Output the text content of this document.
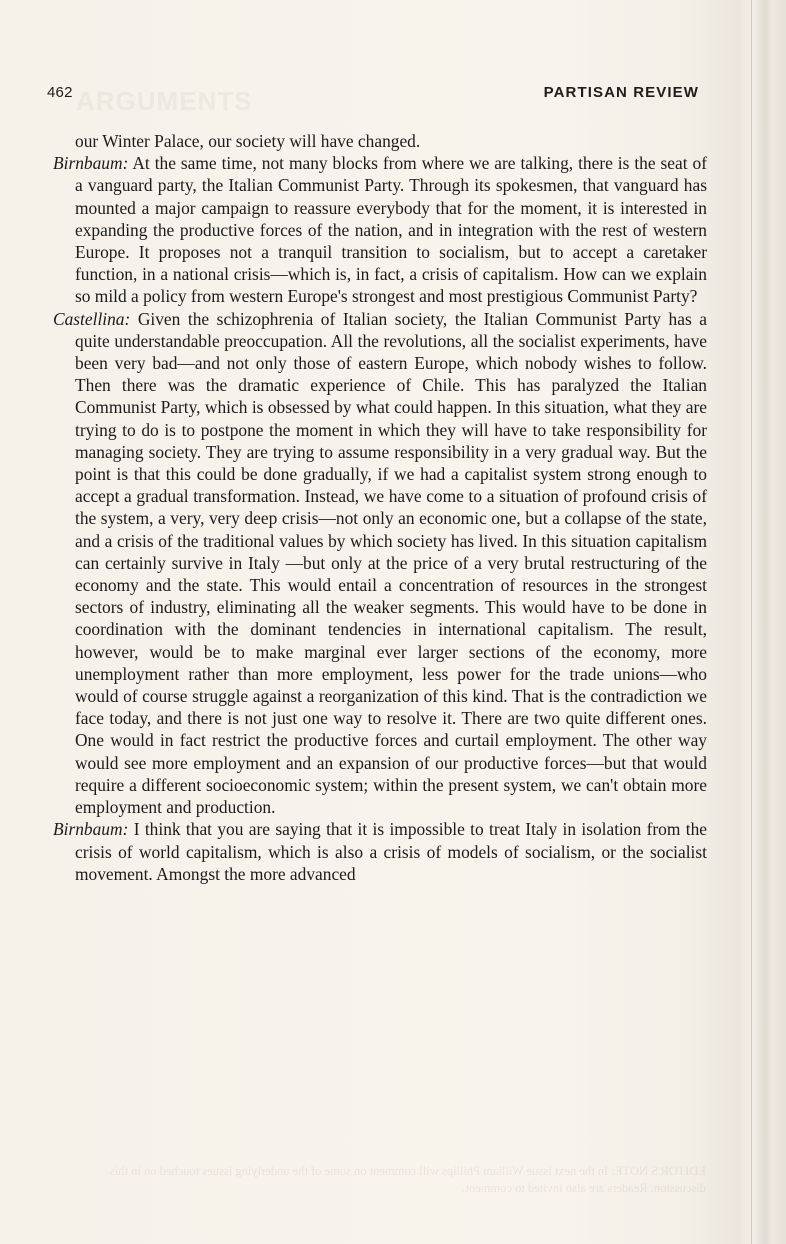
ARGUMENTS
462	PARTISAN REVIEW

our Winter Palace, our society will have changed.

Birnbaum: At the same time, not many blocks from where we are talking, there is the seat of a vanguard party, the Italian Communist Party. Through its spokesmen, that vanguard has mounted a major campaign to reassure everybody that for the moment, it is interested in expanding the productive forces of the nation, and in integration with the rest of western Europe. It proposes not a tranquil transition to socialism, but to accept a caretaker function, in a national crisis—which is, in fact, a crisis of capitalism. How can we explain so mild a policy from western Europe's strongest and most prestigious Communist Party?

Castellina: Given the schizophrenia of Italian society, the Italian Communist Party has a quite understandable preoccupation. All the revolutions, all the socialist experiments, have been very bad—and not only those of eastern Europe, which nobody wishes to follow. Then there was the dramatic experience of Chile. This has paralyzed the Italian Communist Party, which is obsessed by what could happen. In this situation, what they are trying to do is to postpone the moment in which they will have to take responsibility for managing society. They are trying to assume responsibility in a very gradual way. But the point is that this could be done gradually, if we had a capitalist system strong enough to accept a gradual transformation. Instead, we have come to a situation of profound crisis of the system, a very, very deep crisis—not only an economic one, but a collapse of the state, and a crisis of the traditional values by which society has lived. In this situation capitalism can certainly survive in Italy —but only at the price of a very brutal restructuring of the economy and the state. This would entail a concentration of resources in the strongest sectors of industry, eliminating all the weaker segments. This would have to be done in coordination with the dominant tendencies in international capitalism. The result, however, would be to make marginal ever larger sections of the economy, more unemployment rather than more employment, less power for the trade unions—who would of course struggle against a reorganization of this kind. That is the contradiction we face today, and there is not just one way to resolve it. There are two quite different ones. One would in fact restrict the productive forces and curtail employment. The other way would see more employment and an expansion of our productive forces—but that would require a different socioeconomic system; within the present system, we can't obtain more employment and production.

Birnbaum: I think that you are saying that it is impossible to treat Italy in isolation from the crisis of world capitalism, which is also a crisis of models of socialism, or the socialist movement. Amongst the more advanced

EDITOR'S NOTE: In the next issue William Phillips will comment on some of the underlying issues touched on in this discussion. Readers are also invited to comment.
